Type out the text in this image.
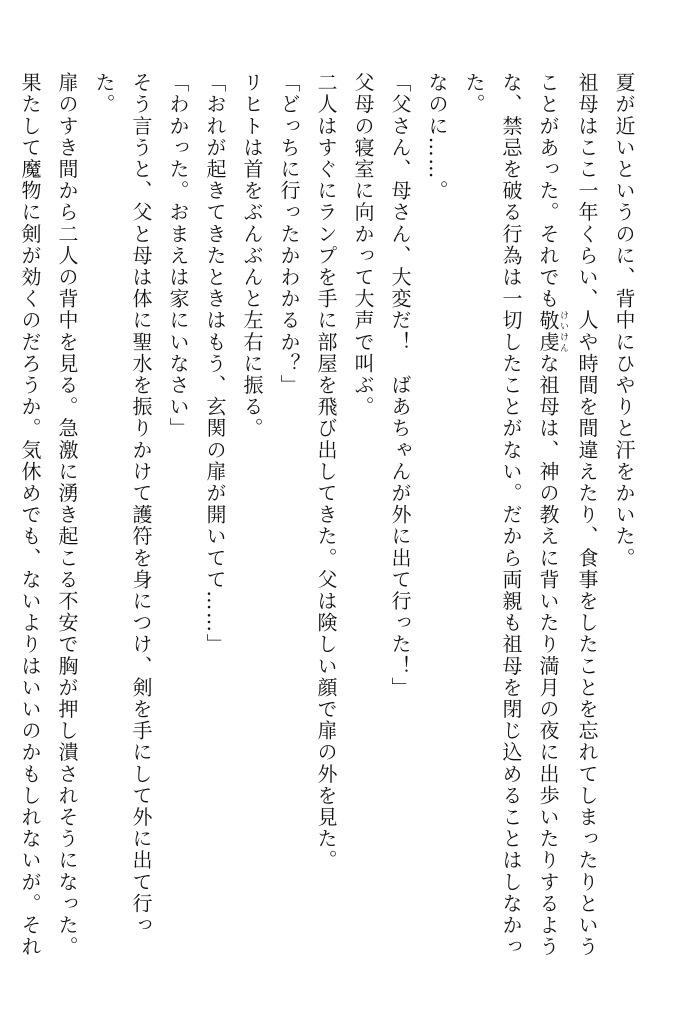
夏が近いというのに、背中にひやりと汗をかいた。
祖母はここ一年くらい、人や時間を間違えたり、食事をしたことを忘れてしまったりという
ことがあった。それでも敬虔けいけんな祖母は、神の教えに背いたり満月の夜に出歩いたりするよう
な、禁忌を破る行為は一切したことがない。だから両親も祖母を閉じ込めることはしなかっ
た。
なのに……。
「父さん、母さん、大変だ！　ばあちゃんが外に出て行った！」
父母の寝室に向かって大声で叫ぶ。
二人はすぐにランプを手に部屋を飛び出してきた。父は険しい顔で扉の外を見た。
「どっちに行ったかわかるか？」
リヒトは首をぶんぶんと左右に振る。
「おれが起きてきたときはもう、玄関の扉が開いてて……」
「わかった。おまえは家にいなさい」
そう言うと、父と母は体に聖水を振りかけて護符を身につけ、剣を手にして外に出て行っ
た。
扉のすき間から二人の背中を見る。急激に湧き起こる不安で胸が押し潰されそうになった。
果たして魔物に剣が効くのだろうか。気休めでも、ないよりはいいのかもしれないが。それ
